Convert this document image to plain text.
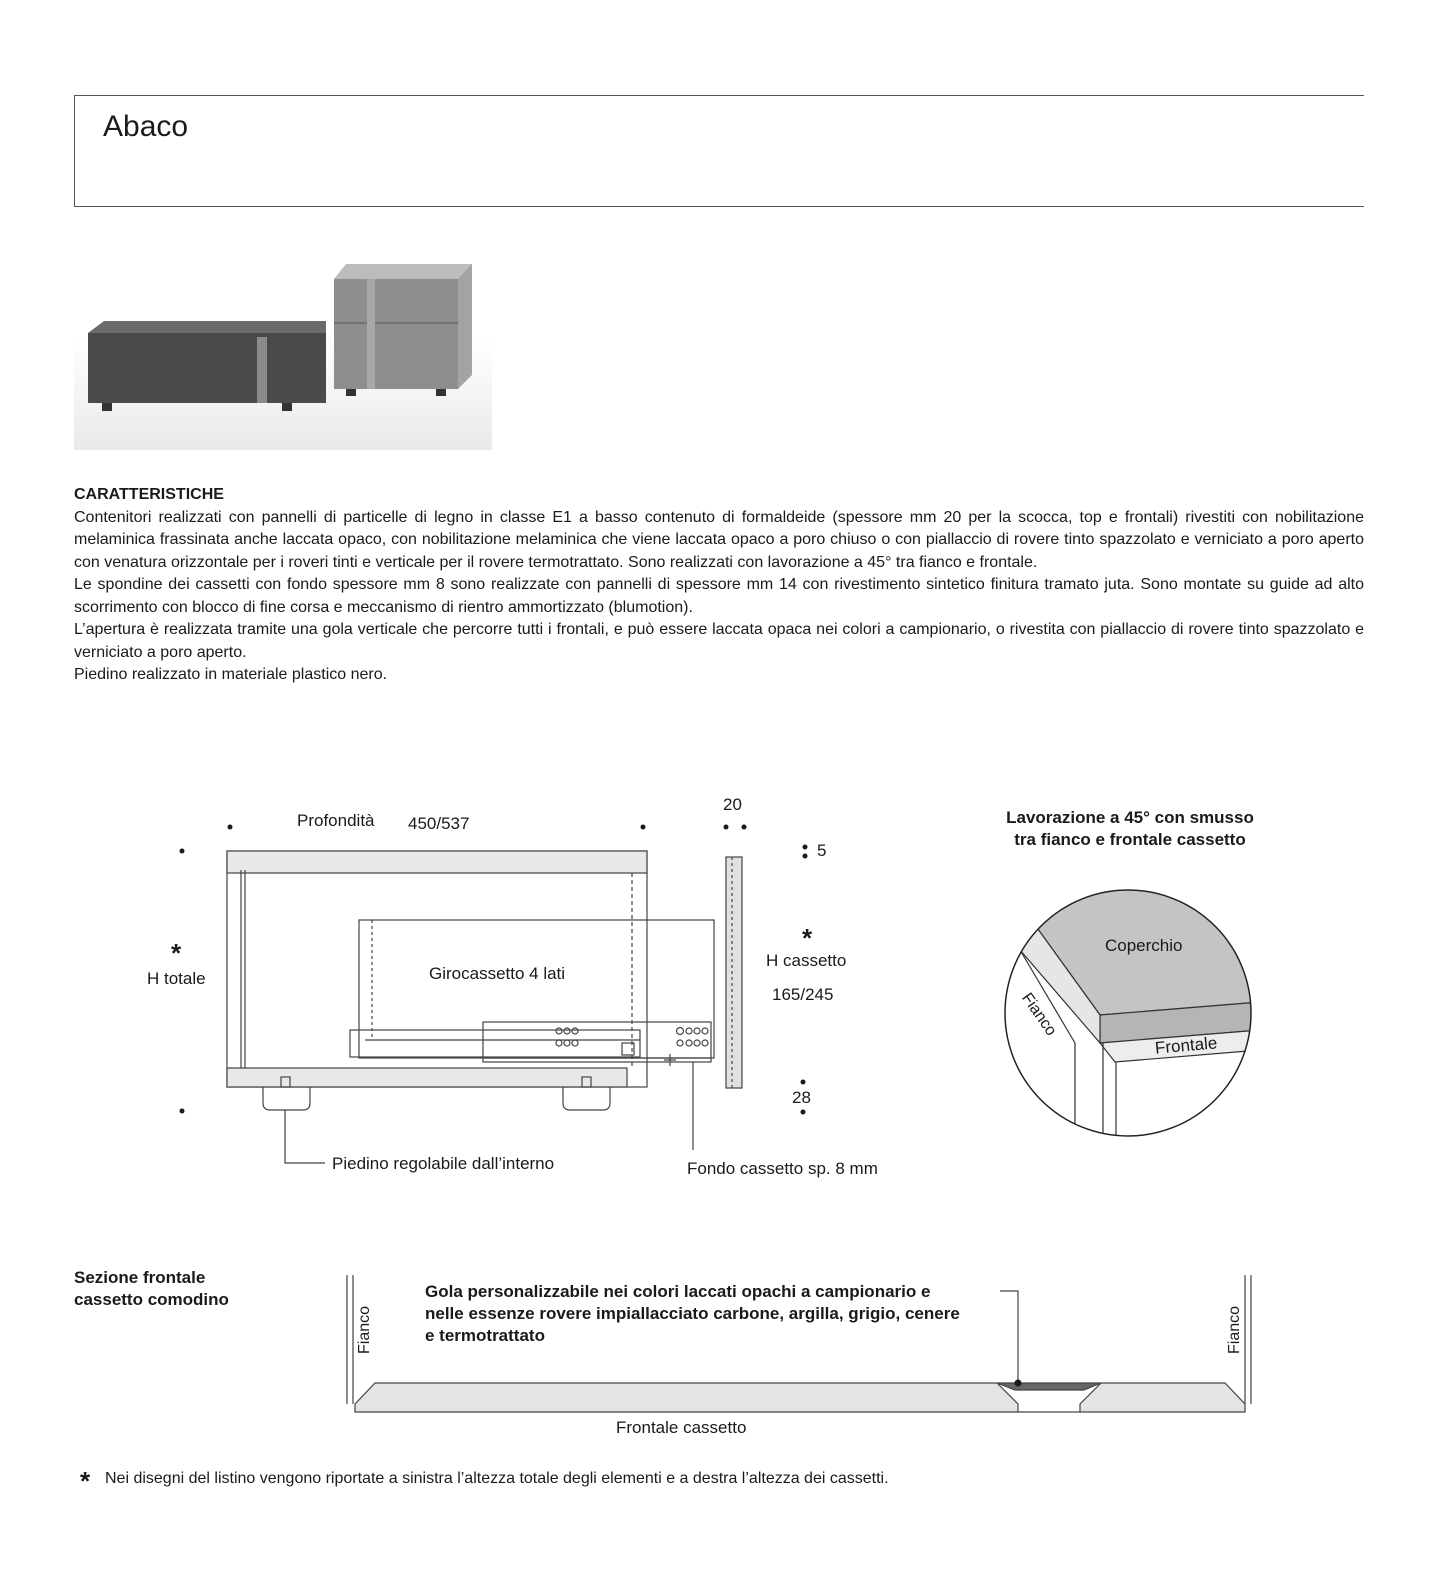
Abaco
CARATTERISTICHE

Contenitori realizzati con pannelli di particelle di legno in classe E1 a basso contenuto di formaldeide (spessore mm 20 per la scocca, top e frontali) rivestiti con nobilitazione melaminica frassinata anche laccata opaco, con nobilitazione melaminica che viene laccata opaco a poro chiuso o con piallaccio di rovere tinto spazzolato e verniciato a poro aperto con venatura orizzontale per i roveri tinti e verticale per il rovere termotrattato. Sono realizzati con lavorazione a 45° tra fianco e frontale.

Le spondine dei cassetti con fondo spessore mm 8 sono realizzate con pannelli di spessore mm 14 con rivestimento sintetico finitura tramato juta. Sono montate su guide ad alto scorrimento con blocco di fine corsa e meccanismo di rientro ammortizzato (blumotion).

L’apertura è realizzata tramite una gola verticale che percorre tutti i frontali, e può essere laccata opaca nei colori a campionario, o rivestita con piallaccio di rovere tinto spazzolato e verniciato a poro aperto.

Piedino realizzato in materiale plastico nero.

Profondità 450/537
20
5
*
H totale
*
H cassetto
165/245
Girocassetto 4 lati
28
Piedino regolabile dall’interno	Fondo cassetto sp. 8 mm
Lavorazione a 45° con smusso
tra fianco e frontale cassetto
Coperchio
Fianco
Frontale
Sezione frontale
cassetto comodino	Gola personalizzabile nei colori laccati opachi a campionario e
nelle essenze rovere impiallacciato carbone, argilla, grigio, cenere
e termotrattato
Fianco	Fianco
Frontale cassetto
* Nei disegni del listino vengono riportate a sinistra l’altezza totale degli elementi e a destra l’altezza dei cassetti.
